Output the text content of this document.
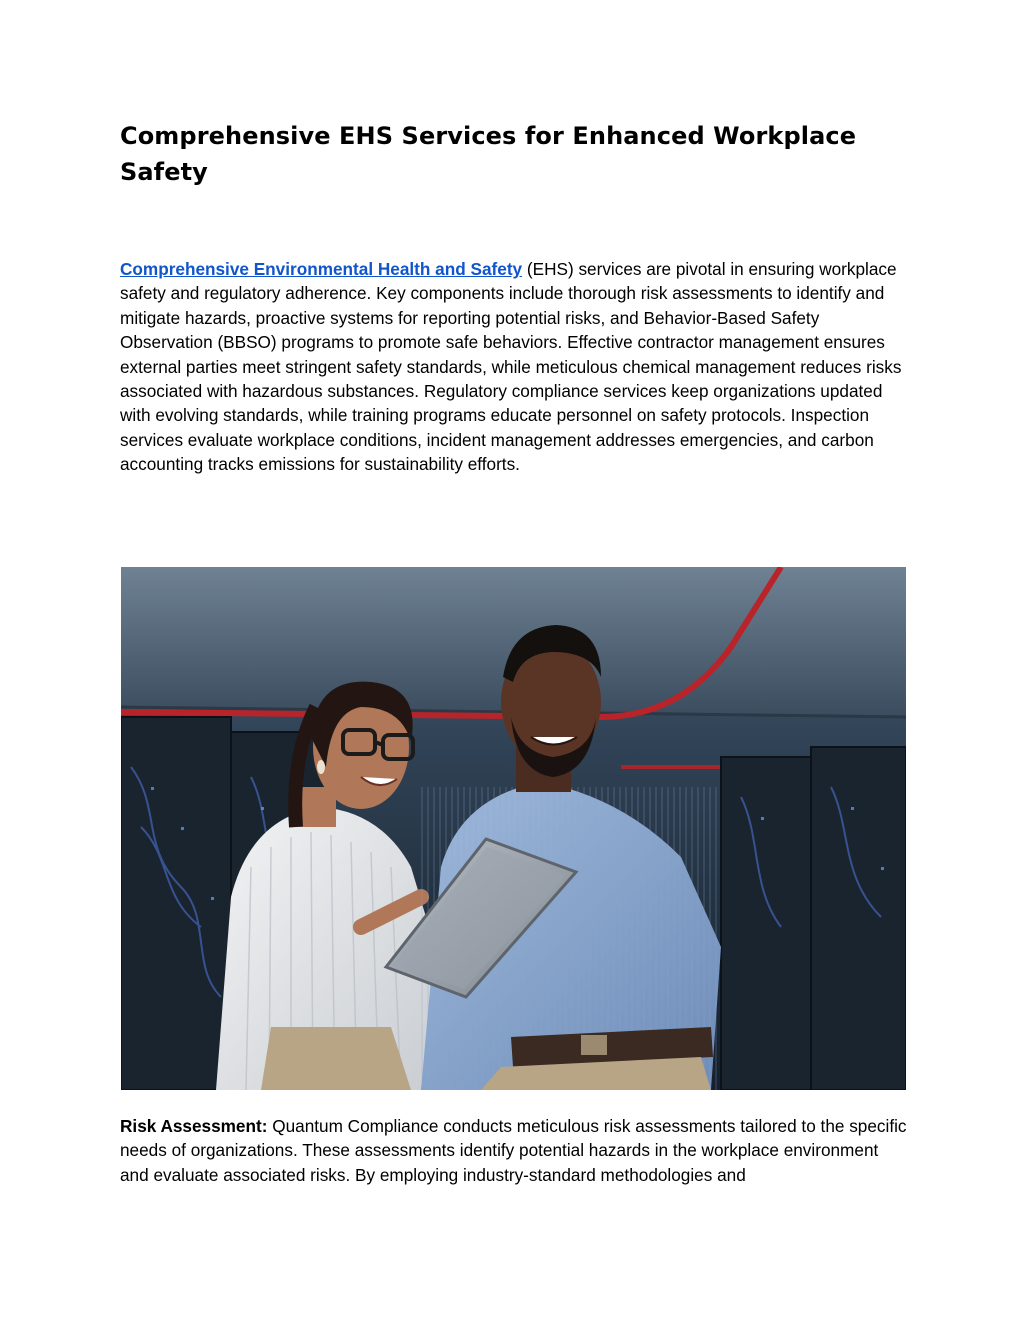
Comprehensive EHS Services for Enhanced Workplace Safety

Comprehensive Environmental Health and Safety (EHS) services are pivotal in ensuring workplace safety and regulatory adherence. Key components include thorough risk assessments to identify and mitigate hazards, proactive systems for reporting potential risks, and Behavior-Based Safety Observation (BBSO) programs to promote safe behaviors. Effective contractor management ensures external parties meet stringent safety standards, while meticulous chemical management reduces risks associated with hazardous substances. Regulatory compliance services keep organizations updated with evolving standards, while training programs educate personnel on safety protocols. Inspection services evaluate workplace conditions, incident management addresses emergencies, and carbon accounting tracks emissions for sustainability efforts.

Risk Assessment: Quantum Compliance conducts meticulous risk assessments tailored to the specific needs of organizations. These assessments identify potential hazards in the workplace environment and evaluate associated risks. By employing industry-standard methodologies and
